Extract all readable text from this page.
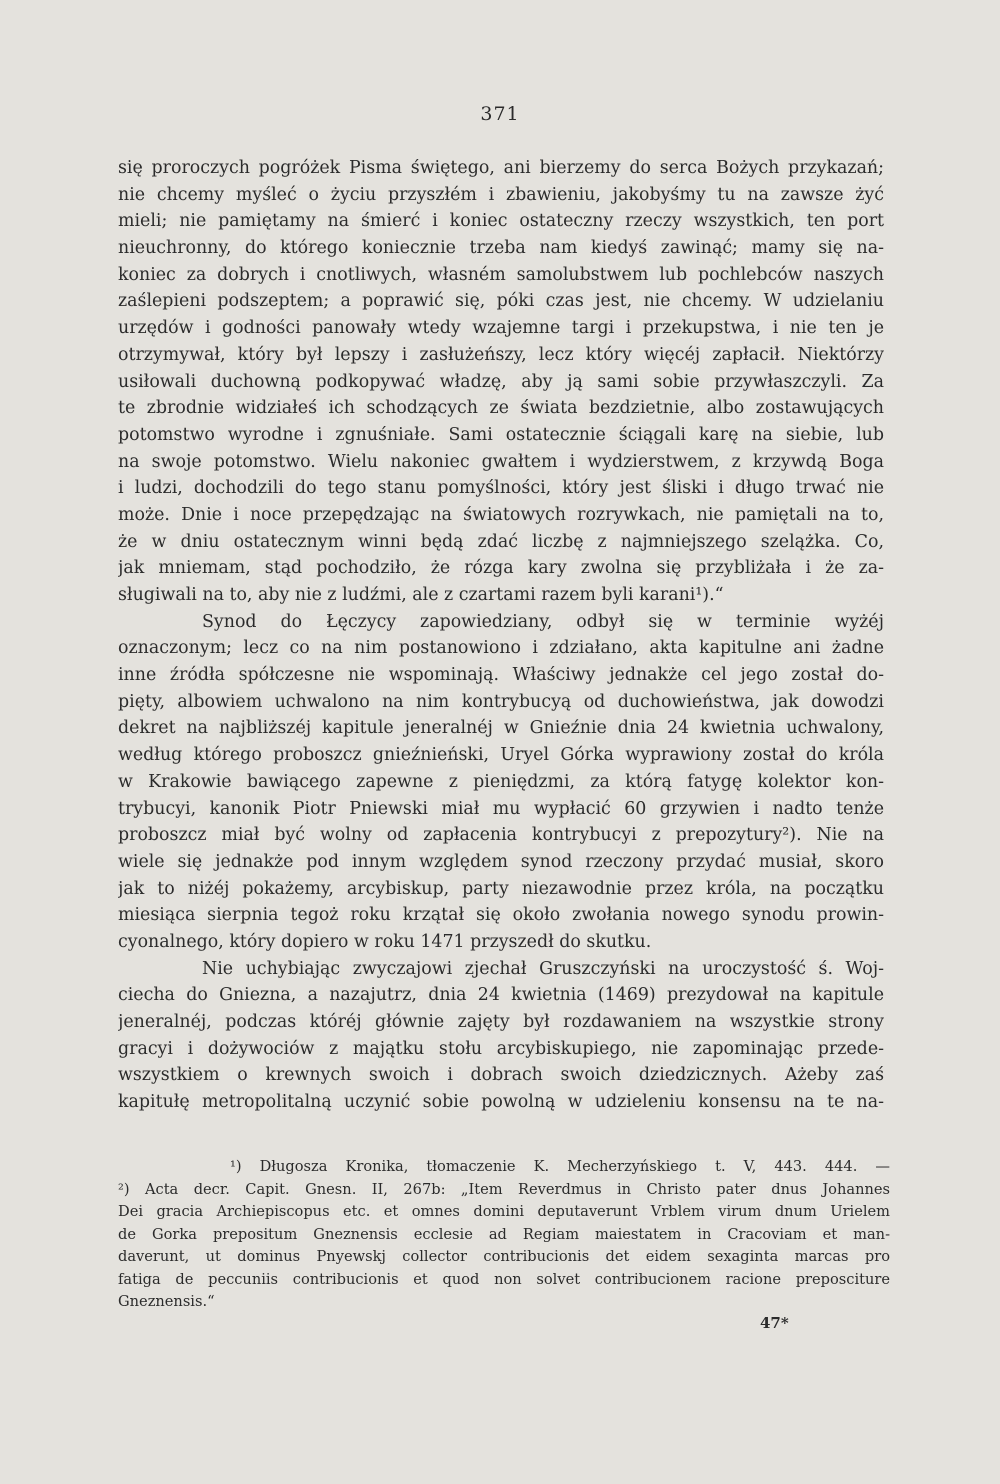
371
się proroczych pogróżek Pisma świętego, ani bierzemy do serca Bożych przykazań;
nie chcemy myśleć o życiu przyszłém i zbawieniu, jakobyśmy tu na zawsze żyć
mieli; nie pamiętamy na śmierć i koniec ostateczny rzeczy wszystkich, ten port
nieuchronny, do którego koniecznie trzeba nam kiedyś zawinąć; mamy się na-
koniec za dobrych i cnotliwych, własném samolubstwem lub pochlebców naszych
zaślepieni podszeptem; a poprawić się, póki czas jest, nie chcemy. W udzielaniu
urzędów i godności panowały wtedy wzajemne targi i przekupstwa, i nie ten je
otrzymywał, który był lepszy i zasłużeńszy, lecz który więcéj zapłacił. Niektórzy
usiłowali duchowną podkopywać władzę, aby ją sami sobie przywłaszczyli. Za
te zbrodnie widziałeś ich schodzących ze świata bezdzietnie, albo zostawujących
potomstwo wyrodne i zgnuśniałe. Sami ostatecznie ściągali karę na siebie, lub
na swoje potomstwo. Wielu nakoniec gwałtem i wydzierstwem, z krzywdą Boga
i ludzi, dochodzili do tego stanu pomyślności, który jest śliski i długo trwać nie
może. Dnie i noce przepędzając na światowych rozrywkach, nie pamiętali na to,
że w dniu ostatecznym winni będą zdać liczbę z najmniejszego szelążka. Co,
jak mniemam, stąd pochodziło, że rózga kary zwolna się przybliżała i że za-
sługiwali na to, aby nie z ludźmi, ale z czartami razem byli karani¹).“
Synod do Łęczycy zapowiedziany, odbył się w terminie wyżéj
oznaczonym; lecz co na nim postanowiono i zdziałano, akta kapitulne ani żadne
inne źródła spółczesne nie wspominają. Właściwy jednakże cel jego został do-
pięty, albowiem uchwalono na nim kontrybucyą od duchowieństwa, jak dowodzi
dekret na najbliższéj kapitule jeneralnéj w Gnieźnie dnia 24 kwietnia uchwalony,
według którego proboszcz gnieźnieński, Uryel Górka wyprawiony został do króla
w Krakowie bawiącego zapewne z pieniędzmi, za którą fatygę kolektor kon-
trybucyi, kanonik Piotr Pniewski miał mu wypłacić 60 grzywien i nadto tenże
proboszcz miał być wolny od zapłacenia kontrybucyi z prepozytury²). Nie na
wiele się jednakże pod innym względem synod rzeczony przydać musiał, skoro
jak to niżéj pokażemy, arcybiskup, party niezawodnie przez króla, na początku
miesiąca sierpnia tegoż roku krzątał się około zwołania nowego synodu prowin-
cyonalnego, który dopiero w roku 1471 przyszedł do skutku.
Nie uchybiając zwyczajowi zjechał Gruszczyński na uroczystość ś. Woj-
ciecha do Gniezna, a nazajutrz, dnia 24 kwietnia (1469) prezydował na kapitule
jeneralnéj, podczas któréj głównie zajęty był rozdawaniem na wszystkie strony
gracyi i dożywociów z majątku stołu arcybiskupiego, nie zapominając przede-
wszystkiem o krewnych swoich i dobrach swoich dziedzicznych. Ażeby zaś
kapitułę metropolitalną uczynić sobie powolną w udzieleniu konsensu na te na-
¹) Długosza Kronika, tłomaczenie K. Mecherzyńskiego t. V, 443. 444. —
²) Acta decr. Capit. Gnesn. II, 267b: „Item Reverdmus in Christo pater dnus Johannes
Dei gracia Archiepiscopus etc. et omnes domini deputaverunt Vrblem virum dnum Urielem
de Gorka prepositum Gneznensis ecclesie ad Regiam maiestatem in Cracoviam et man-
daverunt, ut dominus Pnyewskj collector contribucionis det eidem sexaginta marcas pro
fatiga de peccuniis contribucionis et quod non solvet contribucionem racione preposciture
Gneznensis.“
47*
